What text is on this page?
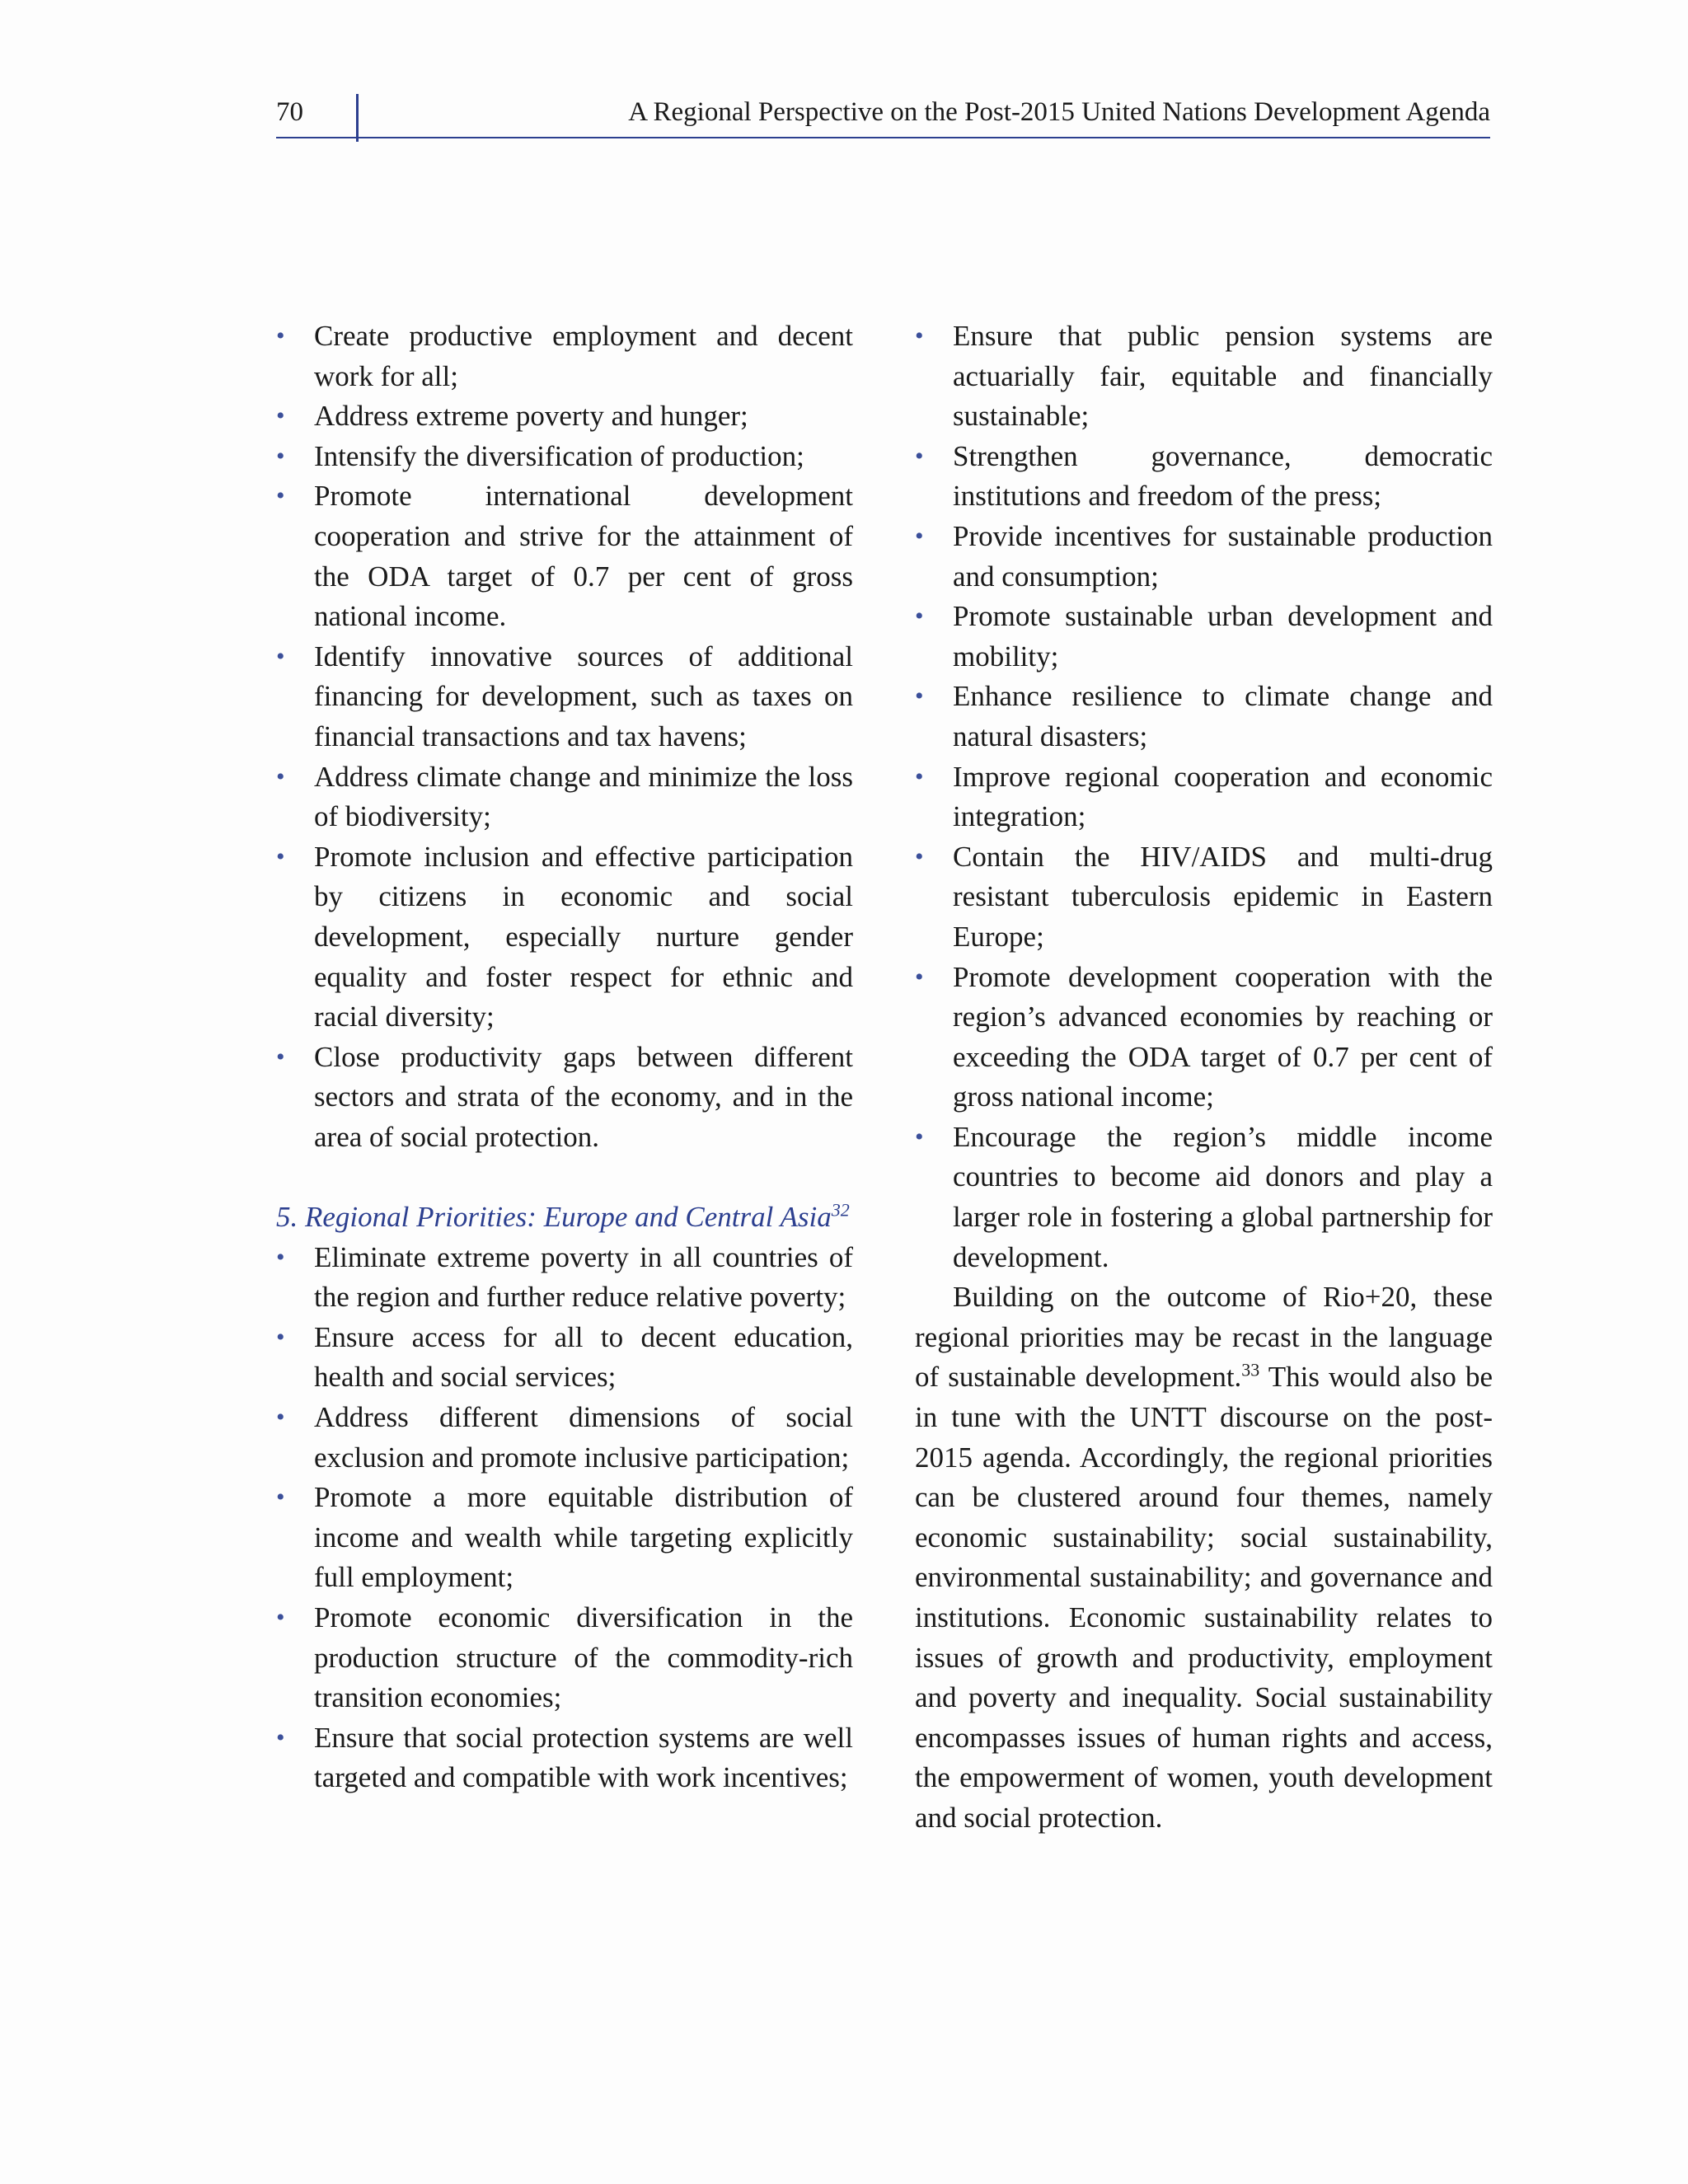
70	A Regional Perspective on the Post-2015 United Nations Development Agenda
•	Create productive employment and decent work for all;
•	Address extreme poverty and hunger;
•	Intensify the diversification of production;
•	Promote international development cooperation and strive for the attainment of the ODA target of 0.7 per cent of gross national income.
•	Identify innovative sources of additional financing for development, such as taxes on financial transactions and tax havens;
•	Address climate change and minimize the loss of biodiversity;
•	Promote inclusion and effective participation by citizens in economic and social development, especially nurture gender equality and foster respect for ethnic and racial diversity;
•	Close productivity gaps between different sectors and strata of the economy, and in the area of social protection.
5. Regional Priorities: Europe and Central Asia$^{32}$
•	Eliminate extreme poverty in all countries of the region and further reduce relative poverty;
•	Ensure access for all to decent education, health and social services;
•	Address different dimensions of social exclusion and promote inclusive participation;
•	Promote a more equitable distribution of income and wealth while targeting explicitly full employment;
•	Promote economic diversification in the production structure of the commodity-rich transition economies;
•	Ensure that social protection systems are well targeted and compatible with work incentives;
•	Ensure that public pension systems are actuarially fair, equitable and financially sustainable;
•	Strengthen governance, democratic institutions and freedom of the press;
•	Provide incentives for sustainable production and consumption;
•	Promote sustainable urban development and mobility;
•	Enhance resilience to climate change and natural disasters;
•	Improve regional cooperation and economic integration;
•	Contain the HIV/AIDS and multi-drug resistant tuberculosis epidemic in Eastern Europe;
•	Promote development cooperation with the region’s advanced economies by reaching or exceeding the ODA target of 0.7 per cent of gross national income;
•	Encourage the region’s middle income countries to become aid donors and play a larger role in fostering a global partnership for development.

Building on the outcome of Rio+20, these regional priorities may be recast in the language of sustainable development.$^{33}$ This would also be in tune with the UNTT discourse on the post-2015 agenda. Accordingly, the regional priorities can be clustered around four themes, namely economic sustainability; social sustainability, environmental sustainability; and governance and institutions. Economic sustainability relates to issues of growth and productivity, employment and poverty and inequality. Social sustainability encompasses issues of human rights and access, the empowerment of women, youth development and social protection.
